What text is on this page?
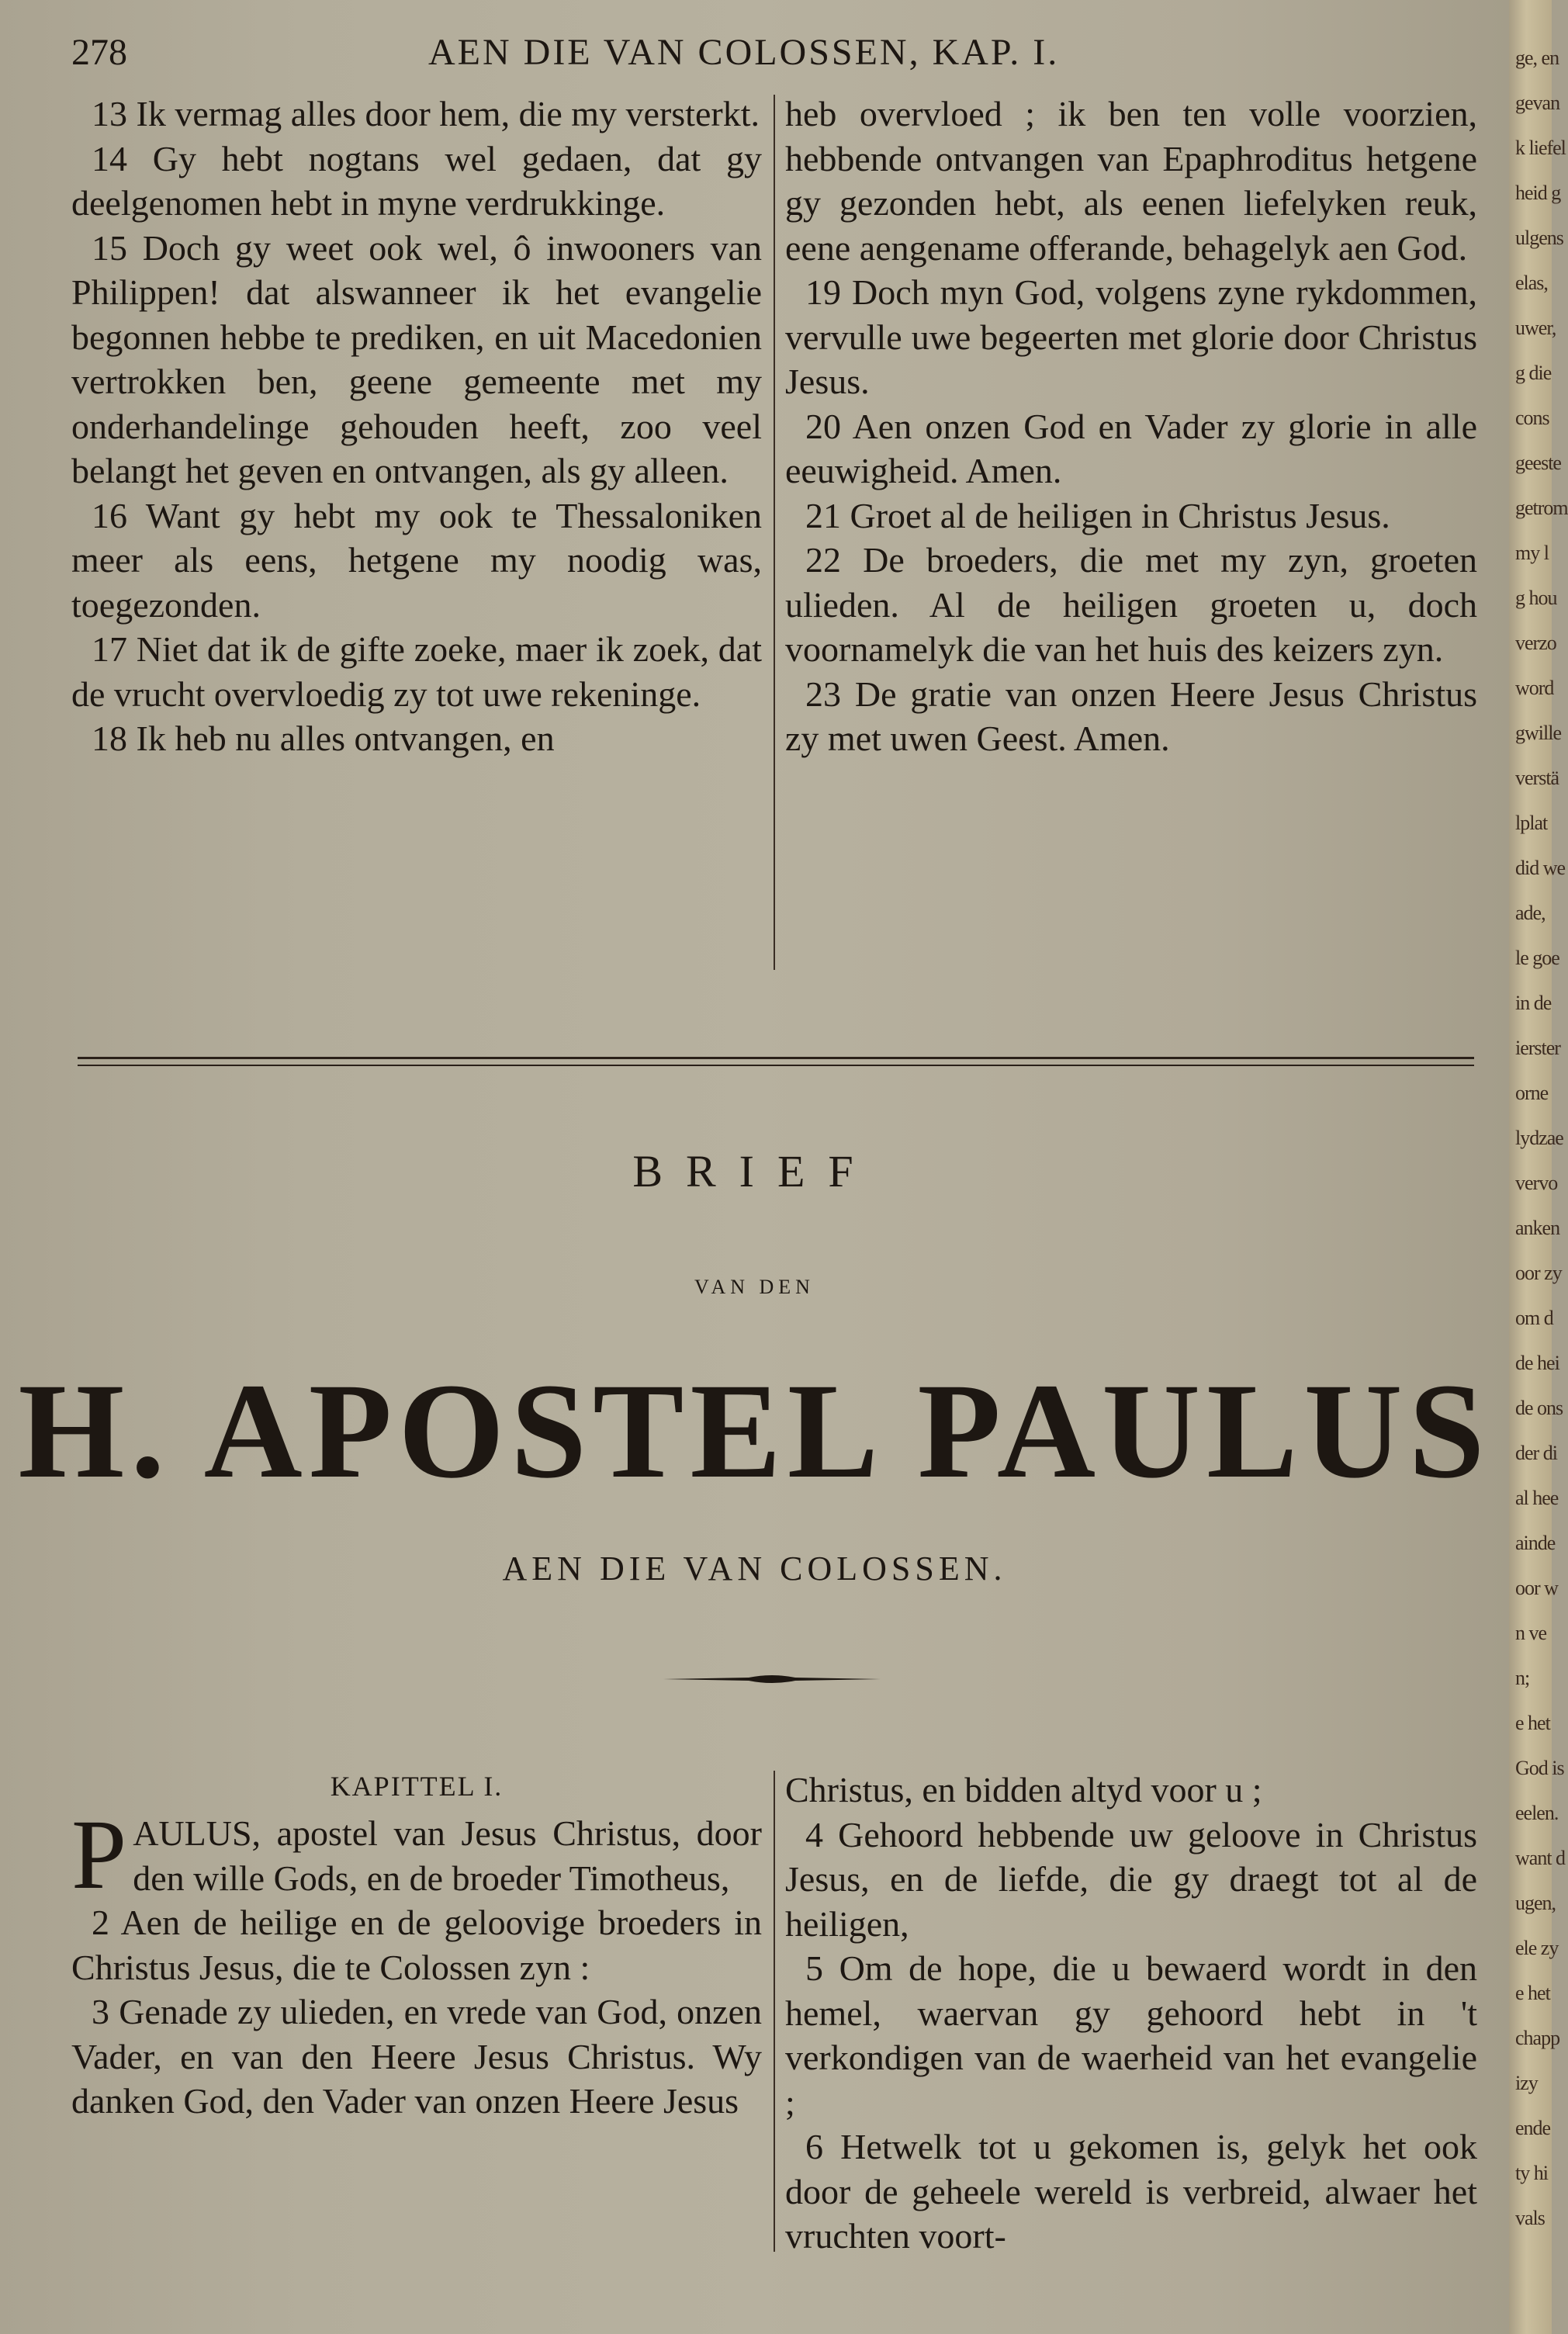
ge, en
gevan
k liefel
heid g
ulgens
elas,
uwer,
g die
cons
geeste
getrom
my l
g hou
verzo
word
gwille
verstä
lplat
did we
ade,
le goe
in de
ierster
orne
lydzae
vervo
anken
oor zy
om d
de hei
de ons
der di
al hee
ainde
oor w
n ve
n;
e het
God is
eelen.
want d
ugen,
ele zy
e het
chapp
izy
ende
ty hi
vals
278	AEN DIE VAN COLOSSEN, KAP. I.

13 Ik vermag alles door hem, die my versterkt.

14 Gy hebt nogtans wel gedaen, dat gy deelgenomen hebt in myne verdrukkinge.

15 Doch gy weet ook wel, ô inwooners van Philippen! dat alswanneer ik het evangelie begonnen hebbe te prediken, en uit Macedonien vertrokken ben, geene gemeente met my onderhandelinge gehouden heeft, zoo veel belangt het geven en ontvangen, als gy alleen.

16 Want gy hebt my ook te Thessaloniken meer als eens, hetgene my noodig was, toegezonden.

17 Niet dat ik de gifte zoeke, maer ik zoek, dat de vrucht overvloedig zy tot uwe rekeninge.

18 Ik heb nu alles ontvangen, en

heb overvloed ; ik ben ten volle voorzien, hebbende ontvangen van Epaphroditus hetgene gy gezonden hebt, als eenen liefelyken reuk, eene aengename offerande, behagelyk aen God.

19 Doch myn God, volgens zyne rykdommen, vervulle uwe begeerten met glorie door Christus Jesus.

20 Aen onzen God en Vader zy glorie in alle eeuwigheid. Amen.

21 Groet al de heiligen in Christus Jesus.

22 De broeders, die met my zyn, groeten ulieden. Al de heiligen groeten u, doch voornamelyk die van het huis des keizers zyn.

23 De gratie van onzen Heere Jesus Christus zy met uwen Geest. Amen.

BRIEF
VAN DEN
H. APOSTEL PAULUS
AEN DIE VAN COLOSSEN.

KAPITTEL I.

PAULUS, apostel van Jesus Christus, door den wille Gods, en de broeder Timotheus,

2 Aen de heilige en de geloovige broeders in Christus Jesus, die te Colossen zyn :

3 Genade zy ulieden, en vrede van God, onzen Vader, en van den Heere Jesus Christus. Wy danken God, den Vader van onzen Heere Jesus

Christus, en bidden altyd voor u ;

4 Gehoord hebbende uw geloove in Christus Jesus, en de liefde, die gy draegt tot al de heiligen,

5 Om de hope, die u bewaerd wordt in den hemel, waervan gy gehoord hebt in 't verkondigen van de waerheid van het evangelie ;

6 Hetwelk tot u gekomen is, gelyk het ook door de geheele wereld is verbreid, alwaer het vruchten voort-
